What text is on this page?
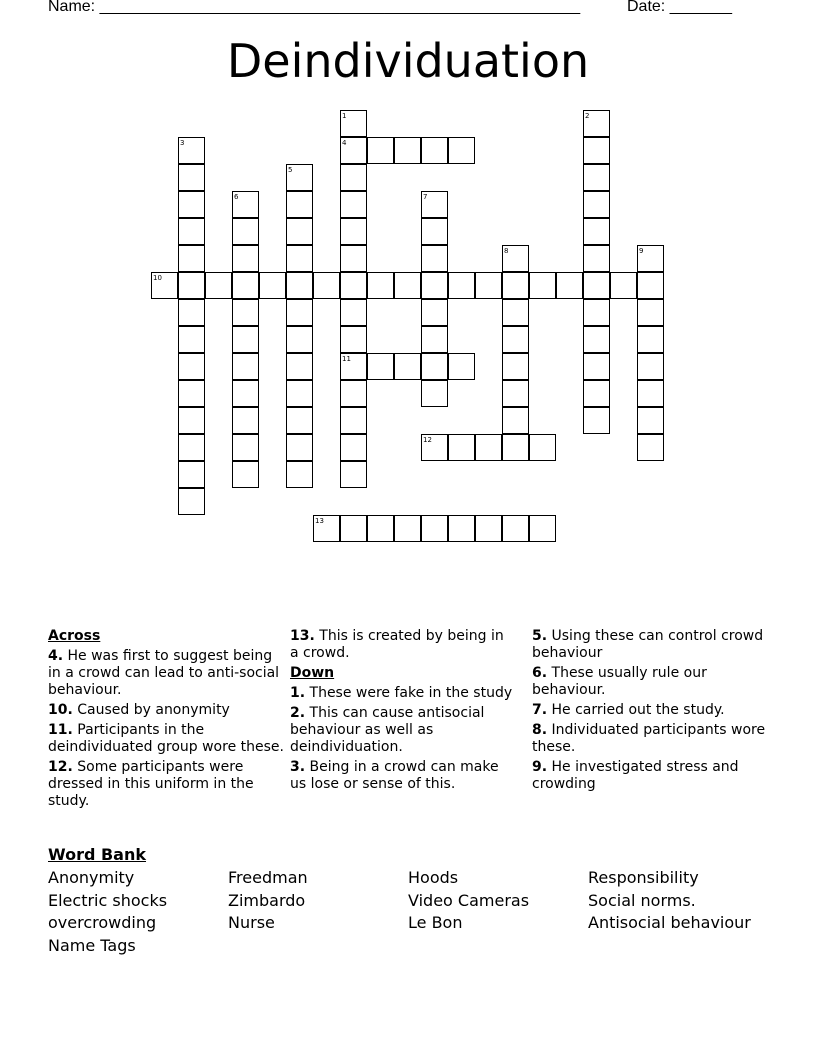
Name: ______________________________________________________	Date: _______
Deindividuation
1
4
11
2
3
5
6	7
8	9
10
12
13
Across
4. He was first to suggest being in a crowd can lead to anti-social behaviour.
10. Caused by anonymity
11. Participants in the deindividuated group wore these.
12. Some participants were dressed in this uniform in the study.
13. This is created by being in a crowd.
Down
1. These were fake in the study
2. This can cause antisocial behaviour as well as deindividuation.
3. Being in a crowd can make us lose or sense of this.
5. Using these can control crowd behaviour
6. These usually rule our behaviour.
7. He carried out the study.
8. Individuated participants wore these.
9. He investigated stress and crowding
Word Bank
Anonymity	Freedman	Hoods	Responsibility
Electric shocks	Zimbardo	Video Cameras	Social norms.
overcrowding	Nurse	Le Bon	Antisocial behaviour
Name Tags
